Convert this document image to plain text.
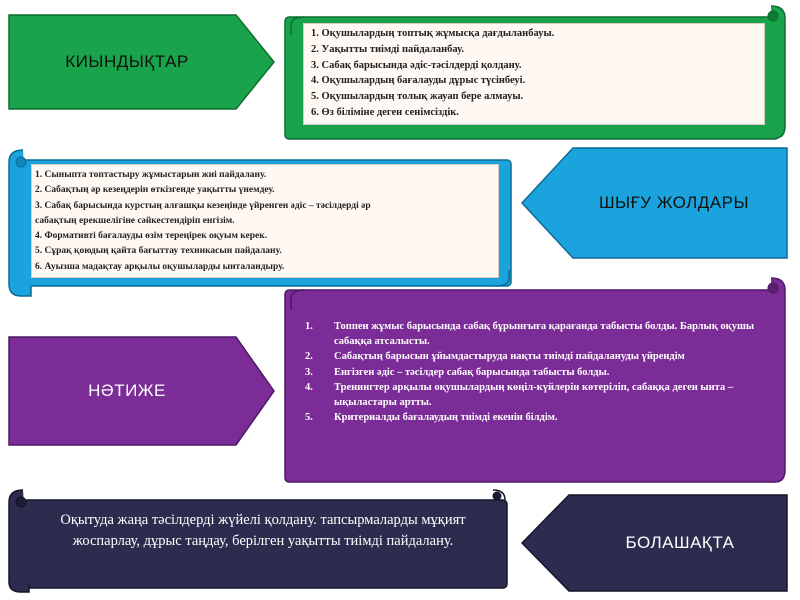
КИЫНДЫҚТАР
1. Оқушылардың топтық жұмысқа дағдыланбауы.
2. Уақытты тиімді пайдаланбау.
3. Сабақ барысында әдіс-тәсілдерді қолдану.
4. Оқушылардың бағалауды дұрыс түсінбеуі.
5. Оқушылардың толық жауап бере алмауы.
6. Өз біліміне деген сенімсіздік.
1. Сыныпта топтастыру жұмыстарын жиі пайдалану.
2. Сабақтың әр кезеңдерін өткізгенде уақытты үнемдеу.
3. Сабақ барысында курстың алғашқы кезеңінде үйренген әдіс – тәсілдерді әр
сабақтың ерекшелігіне сәйкестендіріп енгізім.
4. Формативті бағалауды өзім тереңірек оқуым керек.
5. Сұрақ қоюдың қайта бағыттау техникасын пайдалану.
6. Ауызша мадақтау арқылы оқушыларды ынталандыру.
ШЫҒУ ЖОЛДАРЫ
НӘТИЖЕ
1.	Топпен жұмыс барысында сабақ бұрынғыға қарағанда табысты болды. Барлық оқушы сабаққа атсалысты.
2.	Сабақтың барысын ұйымдастыруда нақты тиімді пайдалануды үйрендім
3.	Енгізген әдіс – тәсілдер сабақ барысында табысты болды.
4.	Тренингтер арқылы оқушылардың көңіл-күйлерін көтеріліп, сабаққа деген ынта – ықыластары артты.
5.	Критериалды бағалаудың тиімді екенін білдім.
Оқытуда жаңа тәсілдерді жүйелі қолдану. тапсырмаларды мұқият жоспарлау, дұрыс таңдау, берілген уақытты тиімді пайдалану.	БОЛАШАҚТА
